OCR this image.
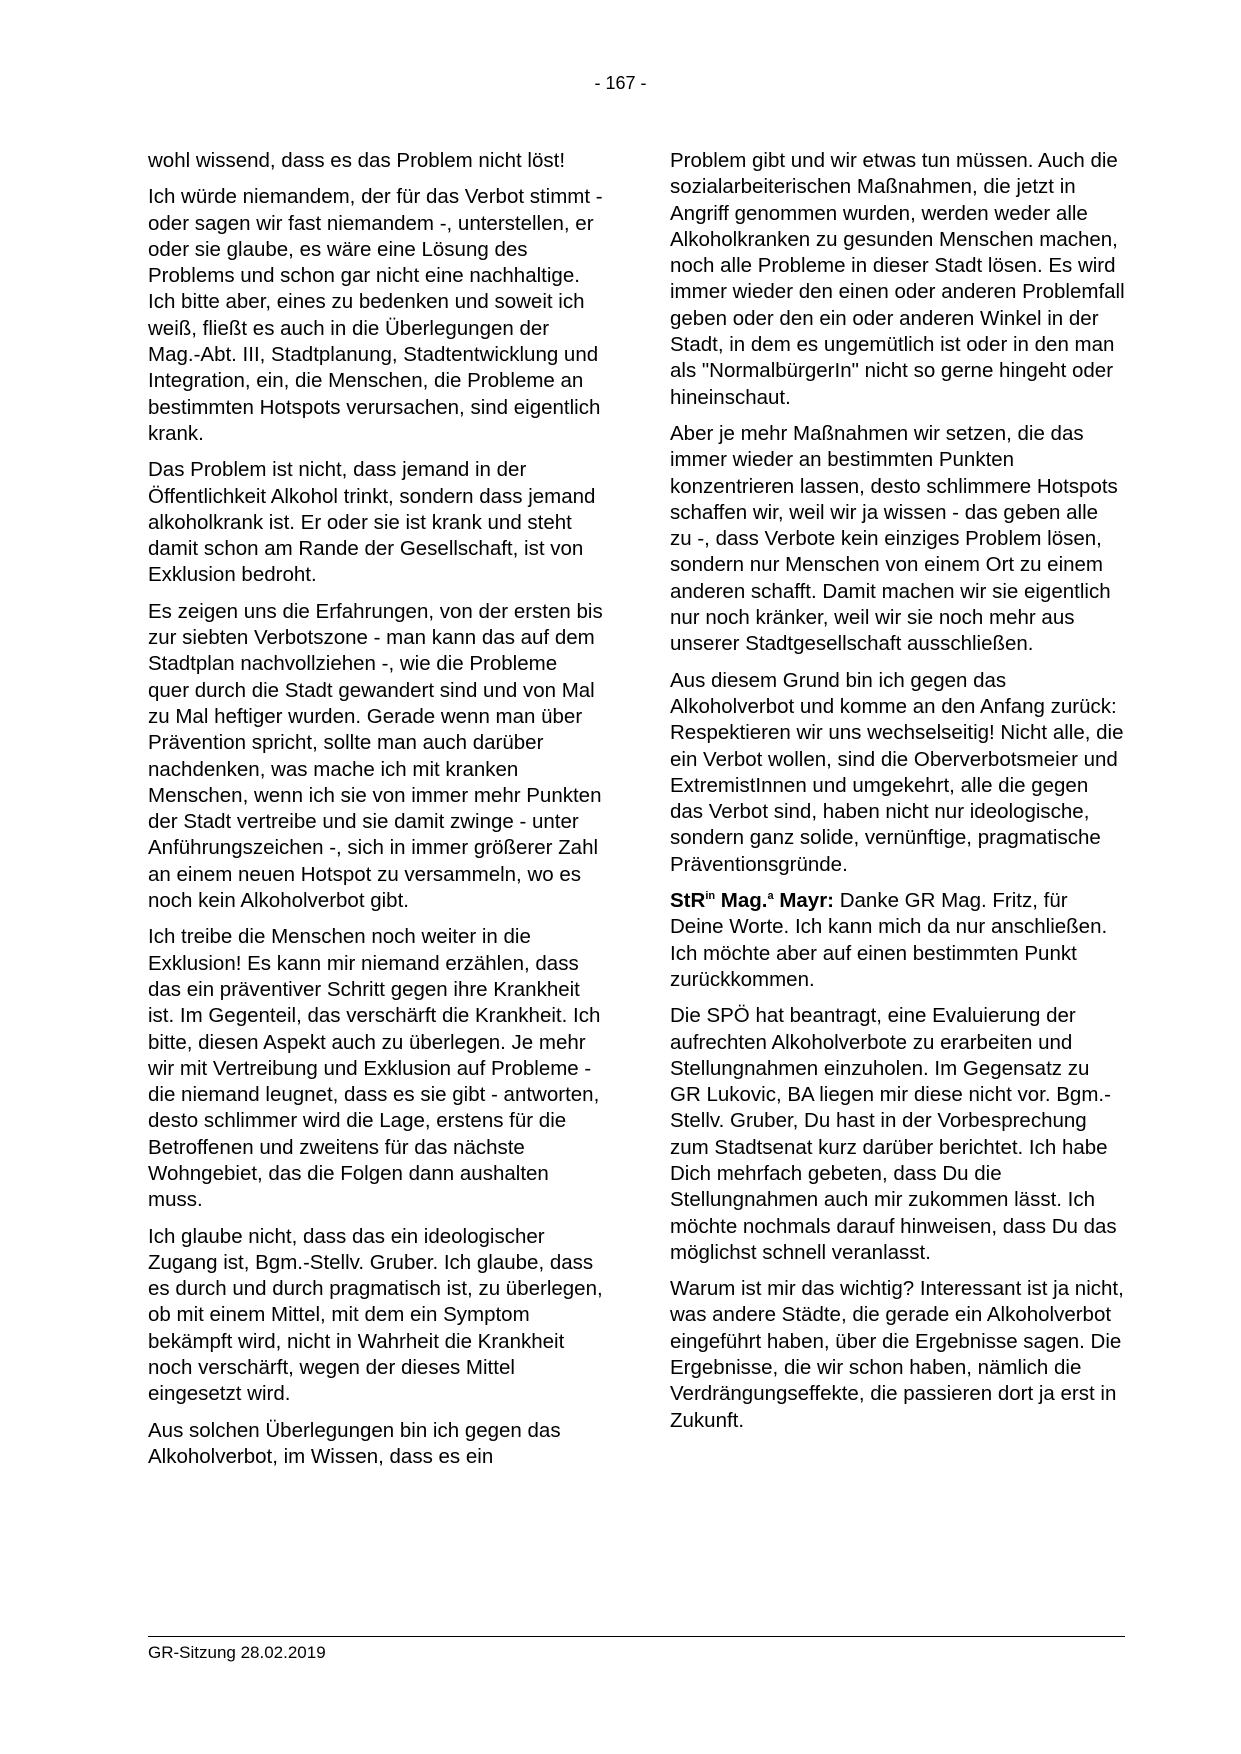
- 167 -

wohl wissend, dass es das Problem nicht löst!

Ich würde niemandem, der für das Verbot stimmt - oder sagen wir fast niemandem -, unterstellen, er oder sie glaube, es wäre eine Lösung des Problems und schon gar nicht eine nachhaltige. Ich bitte aber, eines zu bedenken und soweit ich weiß, fließt es auch in die Überlegungen der Mag.-Abt. III, Stadtplanung, Stadtentwicklung und Integration, ein, die Menschen, die Probleme an bestimmten Hotspots verursachen, sind eigentlich krank.

Das Problem ist nicht, dass jemand in der Öffentlichkeit Alkohol trinkt, sondern dass jemand alkoholkrank ist. Er oder sie ist krank und steht damit schon am Rande der Gesellschaft, ist von Exklusion bedroht.

Es zeigen uns die Erfahrungen, von der ersten bis zur siebten Verbotszone - man kann das auf dem Stadtplan nachvollziehen -, wie die Probleme quer durch die Stadt gewandert sind und von Mal zu Mal heftiger wurden. Gerade wenn man über Prävention spricht, sollte man auch darüber nachdenken, was mache ich mit kranken Menschen, wenn ich sie von immer mehr Punkten der Stadt vertreibe und sie damit zwinge - unter Anführungszeichen -, sich in immer größerer Zahl an einem neuen Hotspot zu versammeln, wo es noch kein Alkoholverbot gibt.

Ich treibe die Menschen noch weiter in die Exklusion! Es kann mir niemand erzählen, dass das ein präventiver Schritt gegen ihre Krankheit ist. Im Gegenteil, das verschärft die Krankheit. Ich bitte, diesen Aspekt auch zu überlegen. Je mehr wir mit Vertreibung und Exklusion auf Probleme - die niemand leugnet, dass es sie gibt - antworten, desto schlimmer wird die Lage, erstens für die Betroffenen und zweitens für das nächste Wohngebiet, das die Folgen dann aushalten muss.

Ich glaube nicht, dass das ein ideologischer Zugang ist, Bgm.-Stellv. Gruber. Ich glaube, dass es durch und durch pragmatisch ist, zu überlegen, ob mit einem Mittel, mit dem ein Symptom bekämpft wird, nicht in Wahrheit die Krankheit noch verschärft, wegen der dieses Mittel eingesetzt wird.

Aus solchen Überlegungen bin ich gegen das Alkoholverbot, im Wissen, dass es ein

Problem gibt und wir etwas tun müssen. Auch die sozialarbeiterischen Maßnahmen, die jetzt in Angriff genommen wurden, werden weder alle Alkoholkranken zu gesunden Menschen machen, noch alle Probleme in dieser Stadt lösen. Es wird immer wieder den einen oder anderen Problemfall geben oder den ein oder anderen Winkel in der Stadt, in dem es ungemütlich ist oder in den man als "NormalbürgerIn" nicht so gerne hingeht oder hineinschaut.

Aber je mehr Maßnahmen wir setzen, die das immer wieder an bestimmten Punkten konzentrieren lassen, desto schlimmere Hotspots schaffen wir, weil wir ja wissen - das geben alle zu -, dass Verbote kein einziges Problem lösen, sondern nur Menschen von einem Ort zu einem anderen schafft. Damit machen wir sie eigentlich nur noch kränker, weil wir sie noch mehr aus unserer Stadtgesellschaft ausschließen.

Aus diesem Grund bin ich gegen das Alkoholverbot und komme an den Anfang zurück: Respektieren wir uns wechselseitig! Nicht alle, die ein Verbot wollen, sind die Oberverbotsmeier und ExtremistInnen und umgekehrt, alle die gegen das Verbot sind, haben nicht nur ideologische, sondern ganz solide, vernünftige, pragmatische Präventionsgründe.

StR$^{in}$ Mag.$^a$ Mayr: Danke GR Mag. Fritz, für Deine Worte. Ich kann mich da nur anschließen. Ich möchte aber auf einen bestimmten Punkt zurückkommen.

Die SPÖ hat beantragt, eine Evaluierung der aufrechten Alkoholverbote zu erarbeiten und Stellungnahmen einzuholen. Im Gegensatz zu GR Lukovic, BA liegen mir diese nicht vor. Bgm.-Stellv. Gruber, Du hast in der Vorbesprechung zum Stadtsenat kurz darüber berichtet. Ich habe Dich mehrfach gebeten, dass Du die Stellungnahmen auch mir zukommen lässt. Ich möchte nochmals darauf hinweisen, dass Du das möglichst schnell veranlasst.

Warum ist mir das wichtig? Interessant ist ja nicht, was andere Städte, die gerade ein Alkoholverbot eingeführt haben, über die Ergebnisse sagen. Die Ergebnisse, die wir schon haben, nämlich die Verdrängungseffekte, die passieren dort ja erst in Zukunft.

GR-Sitzung 28.02.2019
